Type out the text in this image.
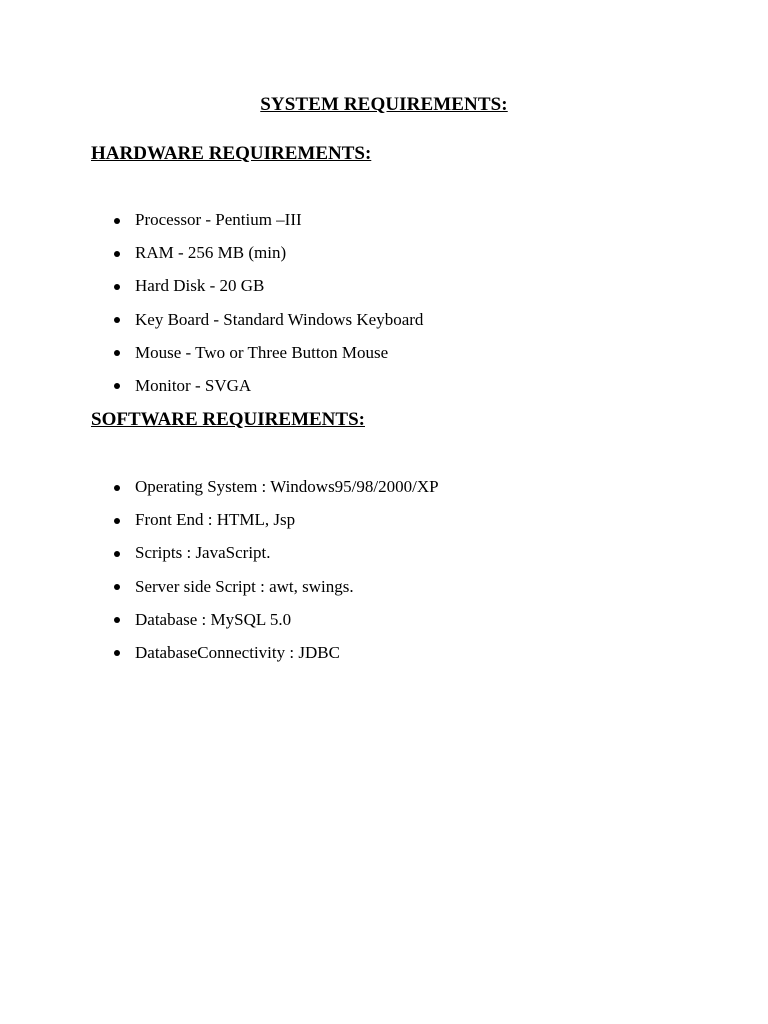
SYSTEM REQUIREMENTS:
HARDWARE REQUIREMENTS:
Processor - Pentium –III
RAM - 256 MB (min)
Hard Disk - 20 GB
Key Board - Standard Windows Keyboard
Mouse - Two or Three Button Mouse
Monitor - SVGA
SOFTWARE REQUIREMENTS:
Operating System : Windows95/98/2000/XP
Front End : HTML, Jsp
Scripts : JavaScript.
Server side Script : awt, swings.
Database : MySQL 5.0
DatabaseConnectivity : JDBC
